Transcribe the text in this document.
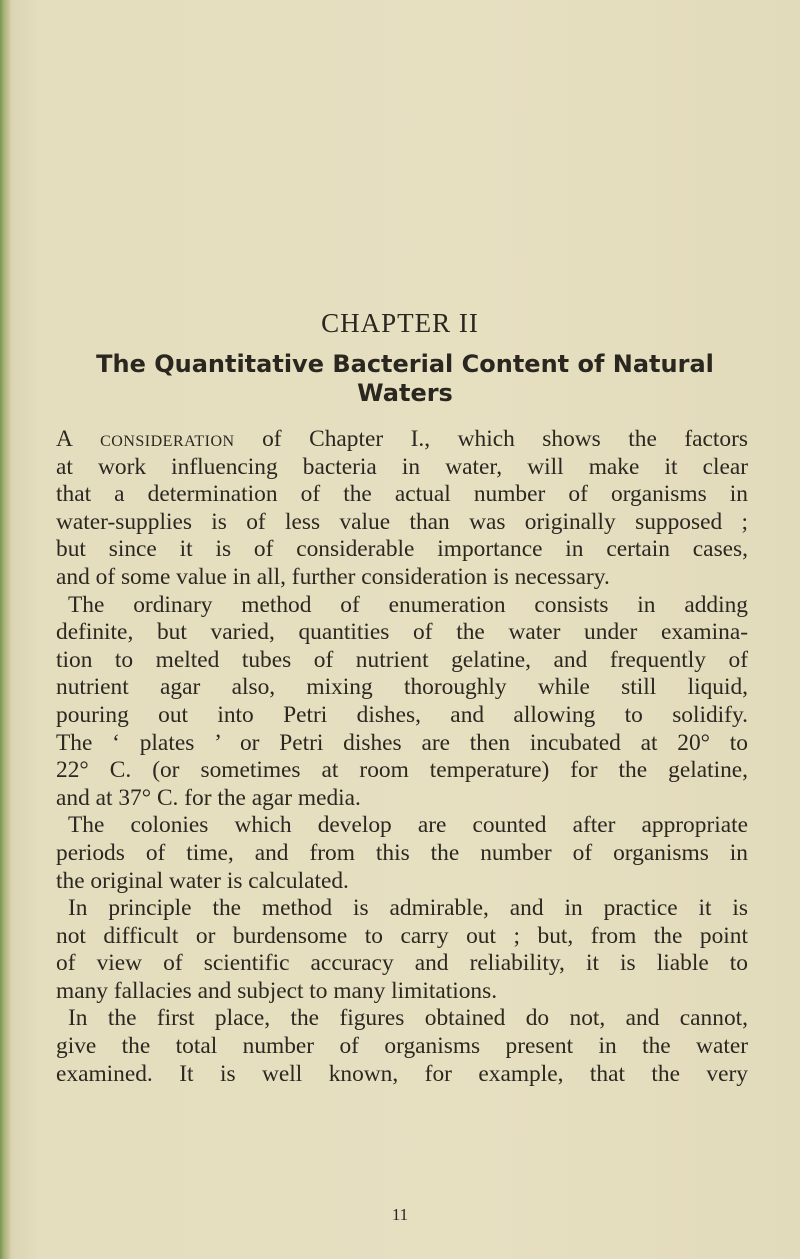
CHAPTER II
The Quantitative Bacterial Content of Natural Waters
A consideration of Chapter I., which shows the factors
at work influencing bacteria in water, will make it clear
that a determination of the actual number of organisms in
water-supplies is of less value than was originally supposed ;
but since it is of considerable importance in certain cases,
and of some value in all, further consideration is necessary.
The ordinary method of enumeration consists in adding
definite, but varied, quantities of the water under examina-
tion to melted tubes of nutrient gelatine, and frequently of
nutrient agar also, mixing thoroughly while still liquid,
pouring out into Petri dishes, and allowing to solidify.
The ‘ plates ’ or Petri dishes are then incubated at 20° to
22° C. (or sometimes at room temperature) for the gelatine,
and at 37° C. for the agar media.
The colonies which develop are counted after appropriate
periods of time, and from this the number of organisms in
the original water is calculated.
In principle the method is admirable, and in practice it is
not difficult or burdensome to carry out ; but, from the point
of view of scientific accuracy and reliability, it is liable to
many fallacies and subject to many limitations.
In the first place, the figures obtained do not, and cannot,
give the total number of organisms present in the water
examined. It is well known, for example, that the very
11
